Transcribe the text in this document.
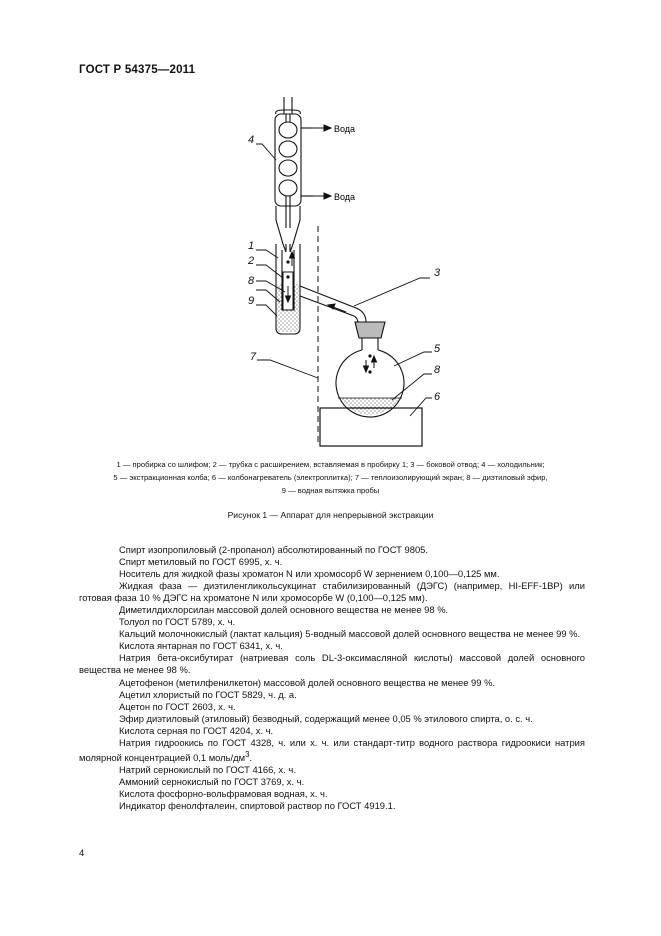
ГОСТ Р 54375—2011
Вода
Вода
4
1
2
8
9
7
3
5
8
6
1 — пробирка со шлифом; 2 — трубка с расширением, вставляемая в пробирку 1; 3 — боковой отвод; 4 — холодильник;
5 — экстракционная колба; 6 — колбонагреватель (электроплитка); 7 — теплоизолирующий экран; 8 — диэтиловый эфир,
9 — водная вытяжка пробы
Рисунок 1 — Аппарат для непрерывной экстракции

Спирт изопропиловый (2-пропанол) абсолютированный по ГОСТ 9805.

Спирт метиловый по ГОСТ 6995, х. ч.

Носитель для жидкой фазы хроматон N или хромосорб W зернением 0,100—0,125 мм.

Жидкая фаза — диэтиленгликольсукцинат стабилизированный (ДЭГС) (например, HI-EFF-1BP) или готовая фаза 10 % ДЭГС на хроматоне N или хромосорбе W (0,100—0,125 мм).

Диметилдихлорсилан массовой долей основного вещества не менее 98 %.

Толуол по ГОСТ 5789, х. ч.

Кальций молочнокислый (лактат кальция) 5-водный массовой долей основного вещества не менее 99 %.

Кислота янтарная по ГОСТ 6341, х. ч.

Натрия бета-оксибутират (натриевая соль DL-3-оксимасляной кислоты) массовой долей основного вещества не менее 98 %.

Ацетофенон (метилфенилкетон) массовой долей основного вещества не менее 99 %.

Ацетил хлористый по ГОСТ 5829, ч. д. а.

Ацетон по ГОСТ 2603, х. ч.

Эфир диэтиловый (этиловый) безводный, содержащий менее 0,05 % этилового спирта, о. с. ч.

Кислота серная по ГОСТ 4204, х. ч.

Натрия гидроокись по ГОСТ 4328, ч. или х. ч. или стандарт-титр водного раствора гидроокиси натрия молярной концентрацией 0,1 моль/$дм^3$.

Натрий сернокислый по ГОСТ 4166, х. ч.

Аммоний сернокислый по ГОСТ 3769, х. ч.

Кислота фосфорно-вольфрамовая водная, х. ч.

Индикатор фенолфталеин, спиртовой раствор по ГОСТ 4919.1.

4
